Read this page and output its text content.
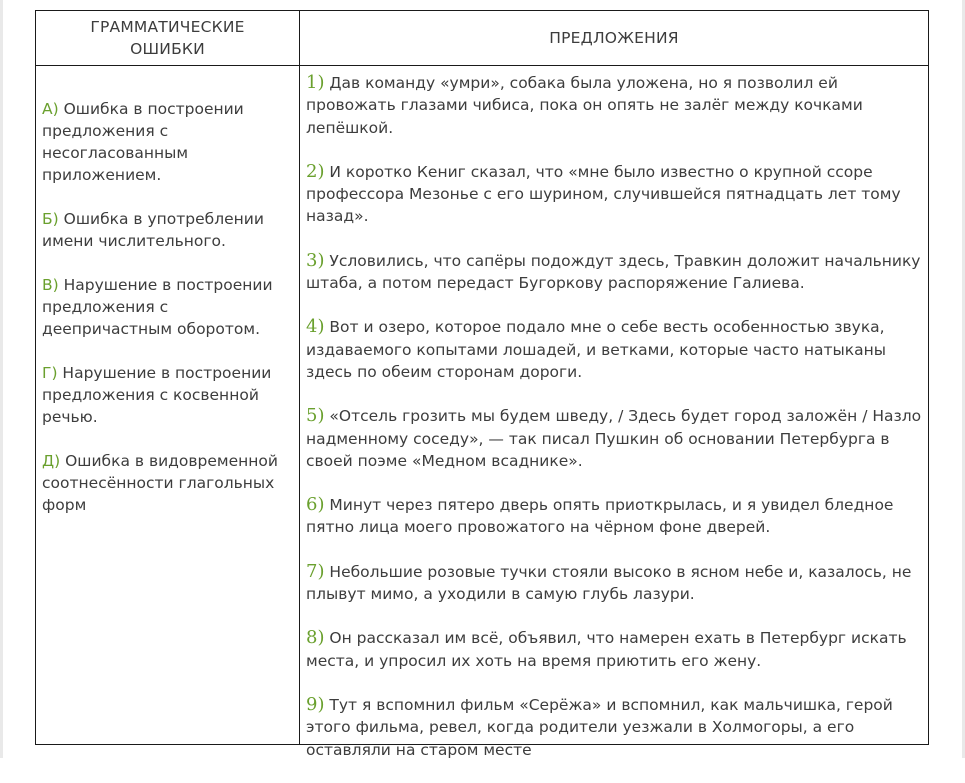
ГРАММАТИЧЕСКИЕ ОШИБКИ
ПРЕДЛОЖЕНИЯ
А) Ошибка в построении предложения с несогласованным приложением.
Б) Ошибка в употреблении имени числительного.
В) Нарушение в построении предложения с деепричастным оборотом.
Г) Нарушение в построении предложения с косвенной речью.
Д) Ошибка в видовременной соотнесённости глагольных форм
1) Дав команду «умри», собака была уложена, но я позволил ей провожать глазами чибиса, пока он опять не залёг между кочками лепёшкой.
2) И коротко Кениг сказал, что «мне было известно о крупной ссоре профессора Мезонье с его шурином, случившейся пятнадцать лет тому назад».
3) Условились, что сапёры подождут здесь, Травкин доложит начальнику штаба, а потом передаст Бугоркову распоряжение Галиева.
4) Вот и озеро, которое подало мне о себе весть особенностью звука, издаваемого копытами лошадей, и ветками, которые часто натыканы здесь по обеим сторонам дороги.
5) «Отсель грозить мы будем шведу, / Здесь будет город заложён / Назло надменному соседу», — так писал Пушкин об основании Петербурга в своей поэме «Медном всаднике».
6) Минут через пятеро дверь опять приоткрылась, и я увидел бледное пятно лица моего провожатого на чёрном фоне дверей.
7) Небольшие розовые тучки стояли высоко в ясном небе и, казалось, не плывут мимо, а уходили в самую глубь лазури.
8) Он рассказал им всё, объявил, что намерен ехать в Петербург искать места, и упросил их хоть на время приютить его жену.
9) Тут я вспомнил фильм «Серёжа» и вспомнил, как мальчишка, герой этого фильма, ревел, когда родители уезжали в Холмогоры, а его оставляли на старом месте
